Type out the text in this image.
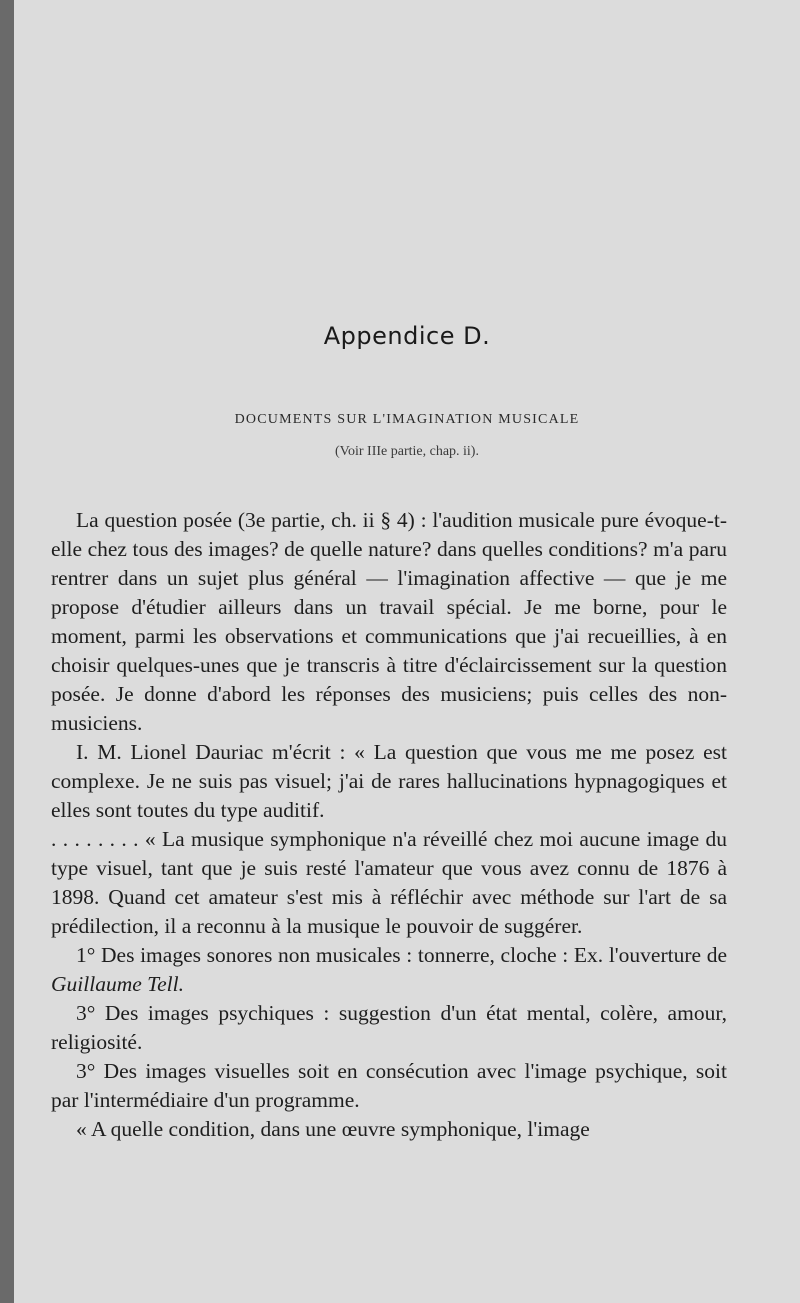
Appendice D.
DOCUMENTS SUR L'IMAGINATION MUSICALE
(Voir IIIe partie, chap. ii).

La question posée (3e partie, ch. ii § 4) : l'audition musicale pure évoque-t-elle chez tous des images? de quelle nature? dans quelles conditions? m'a paru rentrer dans un sujet plus général — l'imagination affective — que je me propose d'étudier ailleurs dans un travail spécial. Je me borne, pour le moment, parmi les observations et communications que j'ai recueillies, à en choisir quelques-unes que je transcris à titre d'éclaircissement sur la question posée. Je donne d'abord les réponses des musiciens; puis celles des non-musiciens.

I. M. Lionel Dauriac m'écrit : « La question que vous me me posez est complexe. Je ne suis pas visuel; j'ai de rares hallucinations hypnagogiques et elles sont toutes du type auditif.

. . . . . . . . « La musique symphonique n'a réveillé chez moi aucune image du type visuel, tant que je suis resté l'amateur que vous avez connu de 1876 à 1898. Quand cet amateur s'est mis à réfléchir avec méthode sur l'art de sa prédilection, il a reconnu à la musique le pouvoir de suggérer.

1° Des images sonores non musicales : tonnerre, cloche : Ex. l'ouverture de Guillaume Tell.

3° Des images psychiques : suggestion d'un état mental, colère, amour, religiosité.

3° Des images visuelles soit en consécution avec l'image psychique, soit par l'intermédiaire d'un programme.

« A quelle condition, dans une œuvre symphonique, l'image
